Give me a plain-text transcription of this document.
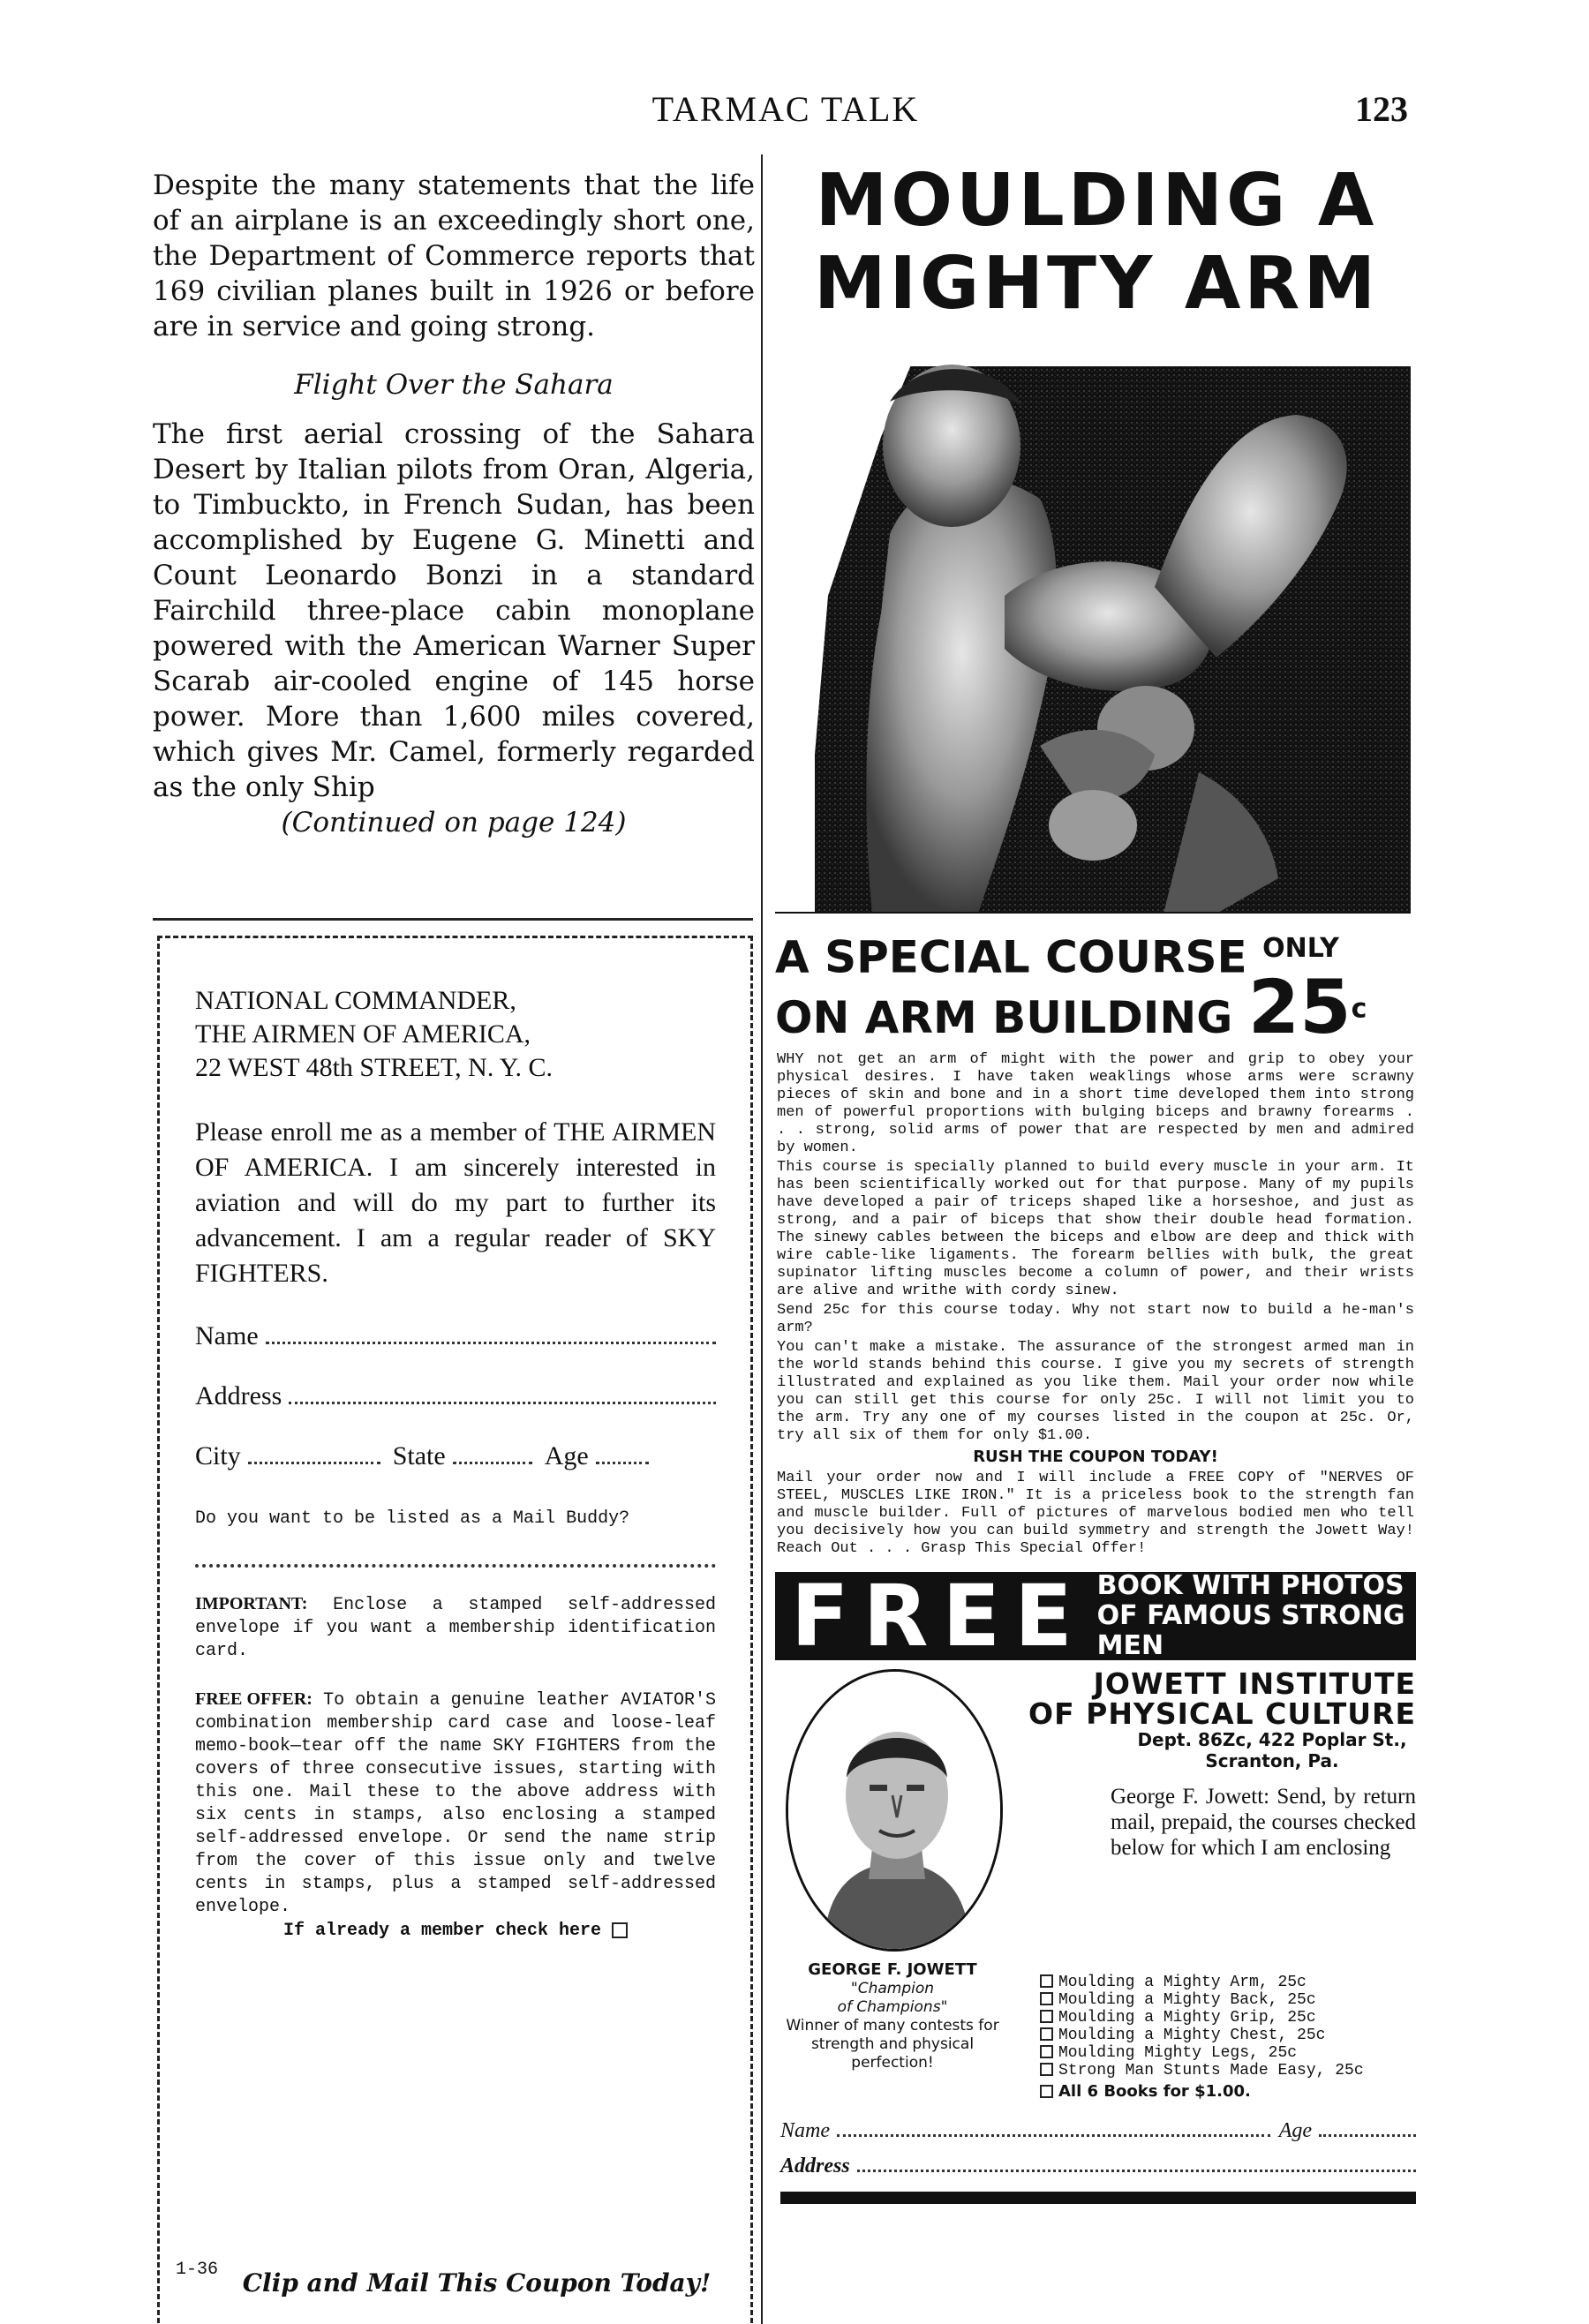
TARMAC TALK	123

Despite the many statements that the life of an airplane is an exceedingly short one, the Department of Commerce reports that 169 civilian planes built in 1926 or before are in service and going strong.

Flight Over the Sahara

The first aerial crossing of the Sahara Desert by Italian pilots from Oran, Algeria, to Timbuckto, in French Sudan, has been accomplished by Eugene G. Minetti and Count Leonardo Bonzi in a standard Fairchild three-place cabin monoplane powered with the American Warner Super Scarab air-cooled engine of 145 horse power. More than 1,600 miles covered, which gives Mr. Camel, formerly regarded as the only Ship

(Continued on page 124)
NATIONAL COMMANDER,
THE AIRMEN OF AMERICA,
22 WEST 48th STREET, N. Y. C.

Please enroll me as a member of THE AIRMEN OF AMERICA. I am sincerely interested in aviation and will do my part to further its advancement. I am a regular reader of SKY FIGHTERS.

Name
Address
City	State	Age
Do you want to be listed as a Mail Buddy?

IMPORTANT: Enclose a stamped self-addressed envelope if you want a membership identification card.

FREE OFFER: To obtain a genuine leather AVIATOR'S combination membership card case and loose-leaf memo-book—tear off the name SKY FIGHTERS from the covers of three consecutive issues, starting with this one. Mail these to the above address with six cents in stamps, also enclosing a stamped self-addressed envelope. Or send the name strip from the cover of this issue only and twelve cents in stamps, plus a stamped self-addressed envelope.

If already a member check here
1-36 Clip and Mail This Coupon Today!
MOULDING A
MIGHTY ARM
A SPECIAL COURSE $^{ONLY}$
ON ARM BUILDING 25$^c$

WHY not get an arm of might with the power and grip to obey your physical desires. I have taken weaklings whose arms were scrawny pieces of skin and bone and in a short time developed them into strong men of powerful proportions with bulging biceps and brawny forearms . . . strong, solid arms of power that are respected by men and admired by women.

This course is specially planned to build every muscle in your arm. It has been scientifically worked out for that purpose. Many of my pupils have developed a pair of triceps shaped like a horseshoe, and just as strong, and a pair of biceps that show their double head formation. The sinewy cables between the biceps and elbow are deep and thick with wire cable-like ligaments. The forearm bellies with bulk, the great supinator lifting muscles become a column of power, and their wrists are alive and writhe with cordy sinew.

Send 25c for this course today. Why not start now to build a he-man's arm?

You can't make a mistake. The assurance of the strongest armed man in the world stands behind this course. I give you my secrets of strength illustrated and explained as you like them. Mail your order now while you can still get this course for only 25c. I will not limit you to the arm. Try any one of my courses listed in the coupon at 25c. Or, try all six of them for only $1.00.

RUSH THE COUPON TODAY!

Mail your order now and I will include a FREE COPY of "NERVES OF STEEL, MUSCLES LIKE IRON." It is a priceless book to the strength fan and muscle builder. Full of pictures of marvelous bodied men who tell you decisively how you can build symmetry and strength the Jowett Way! Reach Out . . . Grasp This Special Offer!

FREE BOOK WITH PHOTOS
OF FAMOUS STRONG MEN
GEORGE F. JOWETT
"Champion
of Champions"
Winner of many contests for strength and physical perfection!
JOWETT INSTITUTE
OF PHYSICAL CULTURE
Dept. 86Zc, 422 Poplar St.,
Scranton, Pa.

George F. Jowett: Send, by return mail, prepaid, the courses checked below for which I am enclosing

Moulding a Mighty Arm, 25c
Moulding a Mighty Back, 25c
Moulding a Mighty Grip, 25c
Moulding a Mighty Chest, 25c
Moulding Mighty Legs, 25c
Strong Man Stunts Made Easy, 25c
All 6 Books for $1.00.
Name	Age
Address
